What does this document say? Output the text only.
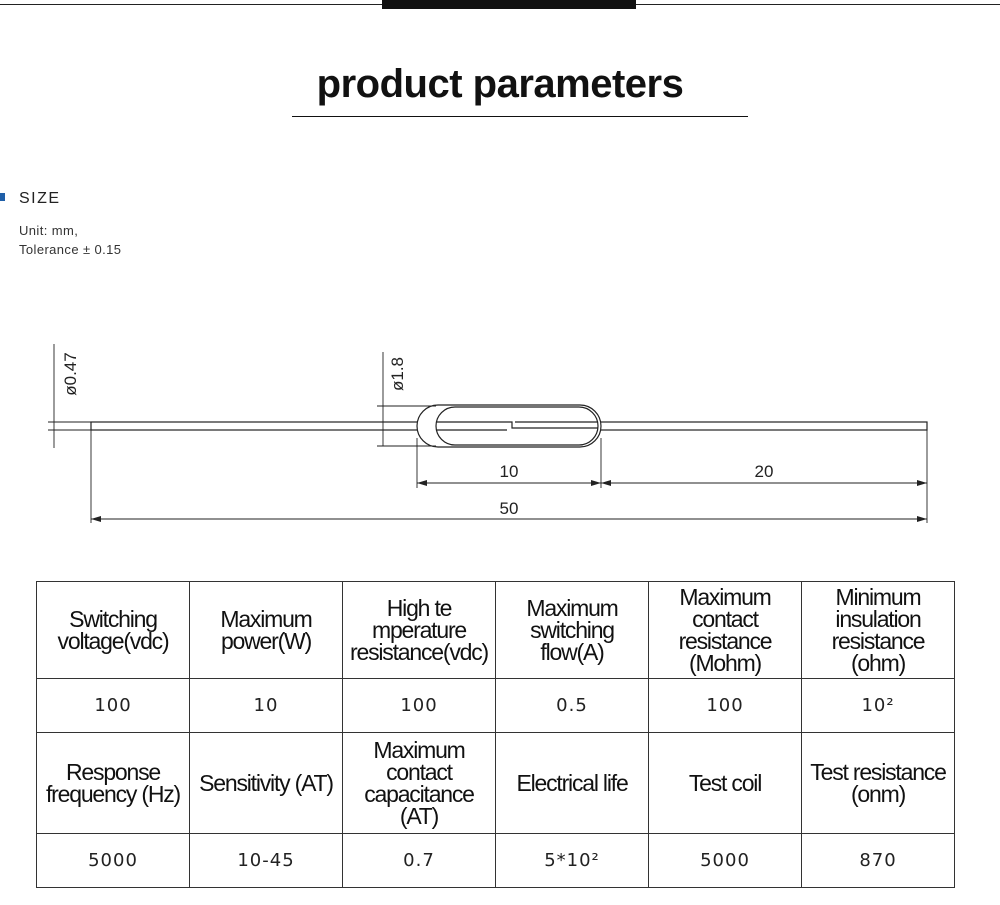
product parameters
SIZE
Unit: mm,
Tolerance ± 0.15
ø0.47	ø1.8
10	20
50
Switching voltage(vdc)	Maximum power(W)	High te mperature resistance(vdc)	Maximum switching flow(A)	Maximum contact resistance (Mohm)	Minimum insulation resistance (ohm)
100	10	100	0.5	100	10²
Response frequency (Hz)	Sensitivity (AT)	Maximum contact capacitance (AT)	Electrical life	Test coil	Test resistance (onm)
5000	10-45	0.7	5*10²	5000	870
